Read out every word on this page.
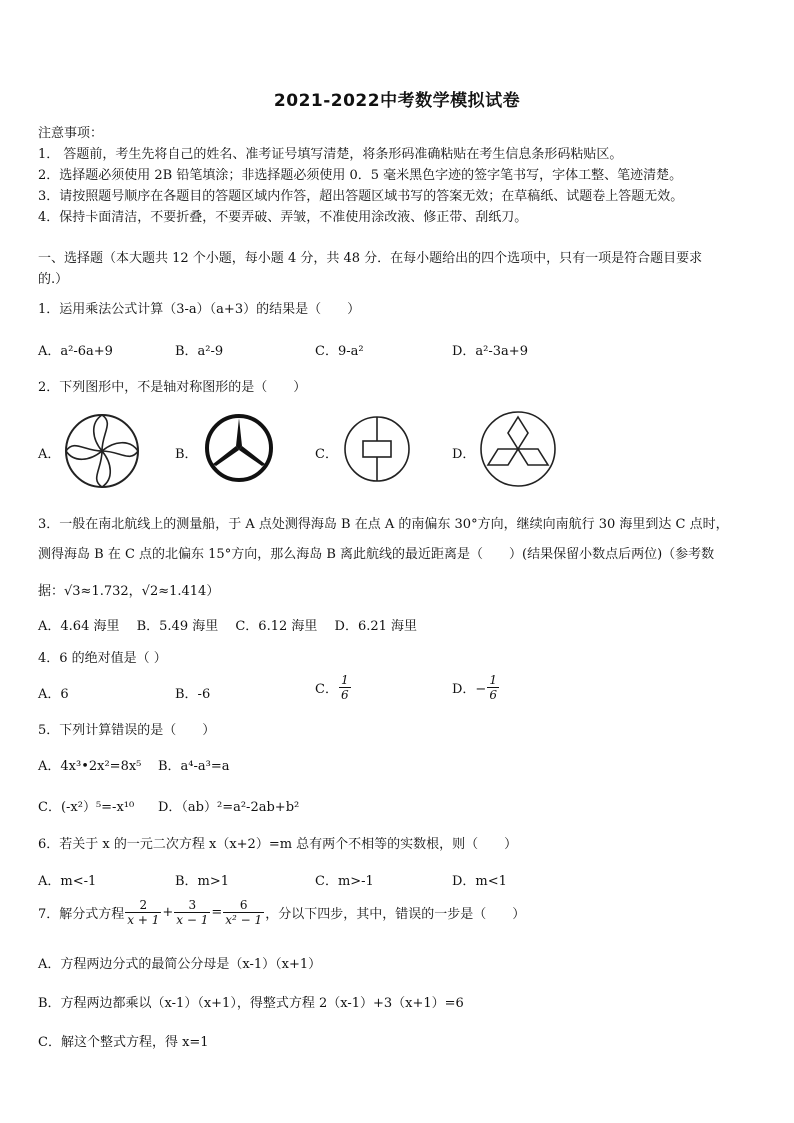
2021-2022中考数学模拟试卷
注意事项：
1． 答题前，考生先将自己的姓名、准考证号填写清楚，将条形码准确粘贴在考生信息条形码粘贴区。
2．选择题必须使用 2B 铅笔填涂；非选择题必须使用 0．5 毫米黑色字迹的签字笔书写，字体工整、笔迹清楚。
3．请按照题号顺序在各题目的答题区域内作答，超出答题区域书写的答案无效；在草稿纸、试题卷上答题无效。
4．保持卡面清洁，不要折叠，不要弄破、弄皱，不准使用涂改液、修正带、刮纸刀。
一、选择题（本大题共 12 个小题，每小题 4 分，共 48 分．在每小题给出的四个选项中，只有一项是符合题目要求
的.）
1．运用乘法公式计算（3-a）（a+3）的结果是（　　）
A．a²-6a+9	B．a²-9	C．9-a²	D．a²-3a+9
2．下列图形中，不是轴对称图形的是（　　）
A．	B．	C．	D．
3．一般在南北航线上的测量船，于 A 点处测得海岛 B 在点 A 的南偏东 30°方向，继续向南航行 30 海里到达 C 点时，
测得海岛 B 在 C 点的北偏东 15°方向，那么海岛 B 离此航线的最近距离是（　　）(结果保留小数点后两位)（参考数
据：√3≈1.732，√2≈1.414）
A．4.64 海里　 B．5.49 海里　 C．6.12 海里　 D．6.21 海里
4．6 的绝对值是（ ）
A．6	B．-6	C． $\frac{1}{6}$	D．− $\frac{1}{6}$
5．下列计算错误的是（　　）
A．4x³•2x²=8x⁵ B．a⁴-a³=a
C．(-x²）⁵=-x¹⁰ D．（ab）²=a²-2ab+b²
6．若关于 x 的一元二次方程 x（x+2）=m 总有两个不相等的实数根，则（　　）
A．m<-1	B．m>1	C．m>-1	D．m<1
7．解分式方程 $\frac{2}{x + 1} + \frac{3}{x - 1} = \frac{6}{\text{x² − 1}}$ ，分以下四步，其中，错误的一步是（　　）
A．方程两边分式的最简公分母是（x-1）（x+1）
B．方程两边都乘以（x-1）（x+1），得整式方程 2（x-1）+3（x+1）=6
C．解这个整式方程，得 x=1
